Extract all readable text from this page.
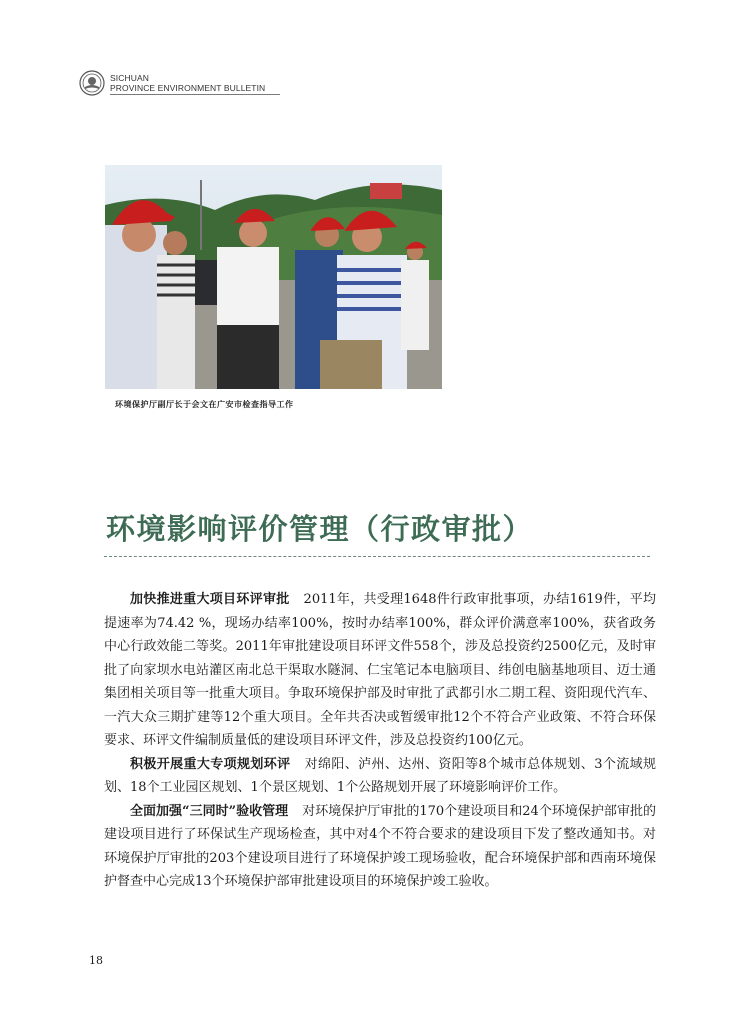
SICHUAN
PROVINCE ENVIRONMENT BULLETIN
环境保护厅副厅长于会文在广安市检查指导工作
环境影响评价管理（行政审批）

加快推进重大项目环评审批 2011年，共受理1648件行政审批事项，办结1619件，平均提速率为74.42 %，现场办结率100%，按时办结率100%，群众评价满意率100%，获省政务中心行政效能二等奖。2011年审批建设项目环评文件558个，涉及总投资约2500亿元，及时审批了向家坝水电站灌区南北总干渠取水隧洞、仁宝笔记本电脑项目、纬创电脑基地项目、迈士通集团相关项目等一批重大项目。争取环境保护部及时审批了武都引水二期工程、资阳现代汽车、一汽大众三期扩建等12个重大项目。全年共否决或暂缓审批12个不符合产业政策、不符合环保要求、环评文件编制质量低的建设项目环评文件，涉及总投资约100亿元。

积极开展重大专项规划环评 对绵阳、泸州、达州、资阳等8个城市总体规划、3个流域规划、18个工业园区规划、1个景区规划、1个公路规划开展了环境影响评价工作。

全面加强“三同时”验收管理 对环境保护厅审批的170个建设项目和24个环境保护部审批的建设项目进行了环保试生产现场检查，其中对4个不符合要求的建设项目下发了整改通知书。对环境保护厅审批的203个建设项目进行了环境保护竣工现场验收，配合环境保护部和西南环境保护督查中心完成13个环境保护部审批建设项目的环境保护竣工验收。

18
